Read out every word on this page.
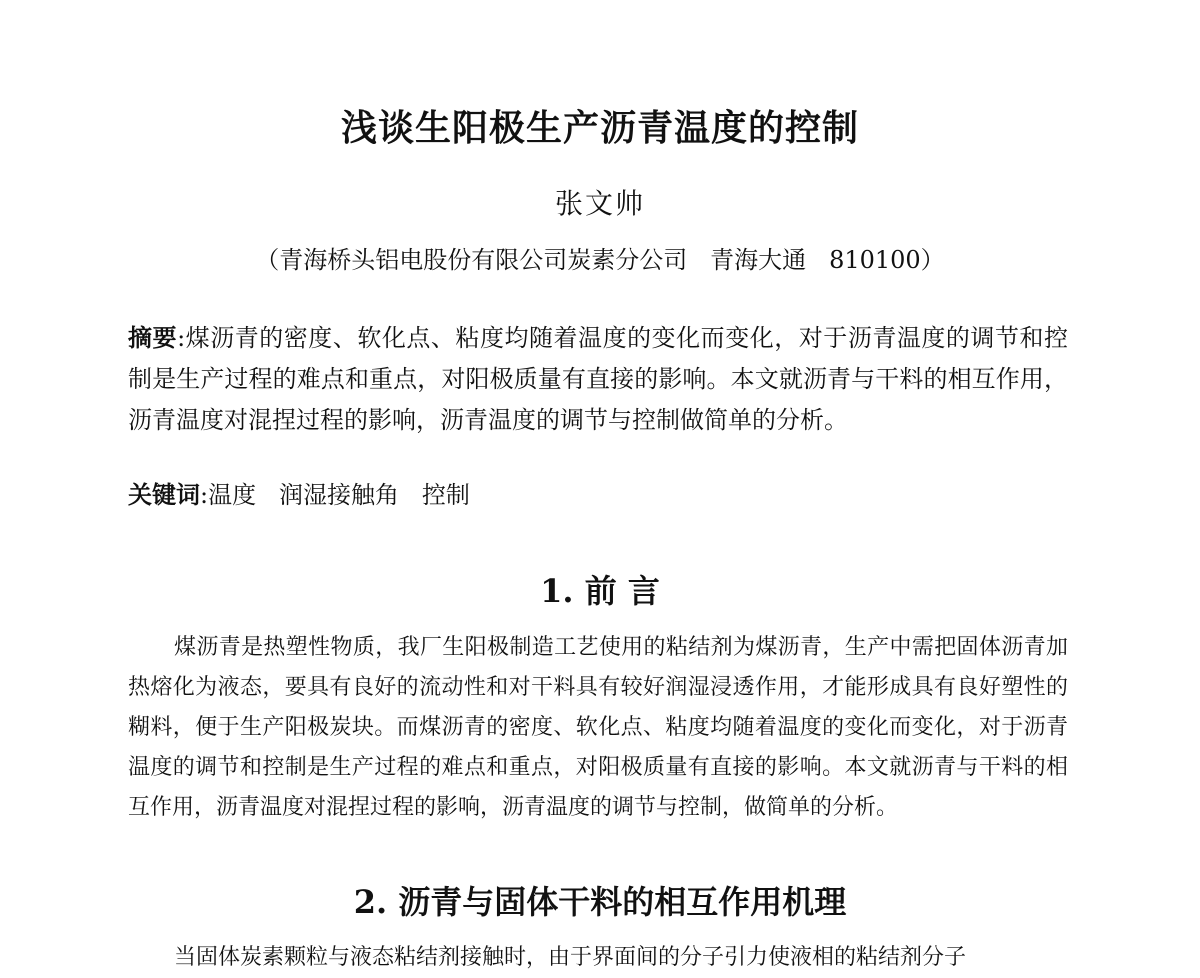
浅谈生阳极生产沥青温度的控制
张文帅
（青海桥头铝电股份有限公司炭素分公司   青海大通   810100）
摘要:煤沥青的密度、软化点、粘度均随着温度的变化而变化，对于沥青温度的调节和控制是生产过程的难点和重点，对阳极质量有直接的影响。本文就沥青与干料的相互作用，沥青温度对混捏过程的影响，沥青温度的调节与控制做简单的分析。
关键词:温度   润湿接触角   控制
1. 前 言
煤沥青是热塑性物质，我厂生阳极制造工艺使用的粘结剂为煤沥青，生产中需把固体沥青加热熔化为液态，要具有良好的流动性和对干料具有较好润湿浸透作用，才能形成具有良好塑性的糊料，便于生产阳极炭块。而煤沥青的密度、软化点、粘度均随着温度的变化而变化，对于沥青温度的调节和控制是生产过程的难点和重点，对阳极质量有直接的影响。本文就沥青与干料的相互作用，沥青温度对混捏过程的影响，沥青温度的调节与控制，做简单的分析。
2. 沥青与固体干料的相互作用机理
当固体炭素颗粒与液态粘结剂接触时，由于界面间的分子引力使液相的粘结剂分子
